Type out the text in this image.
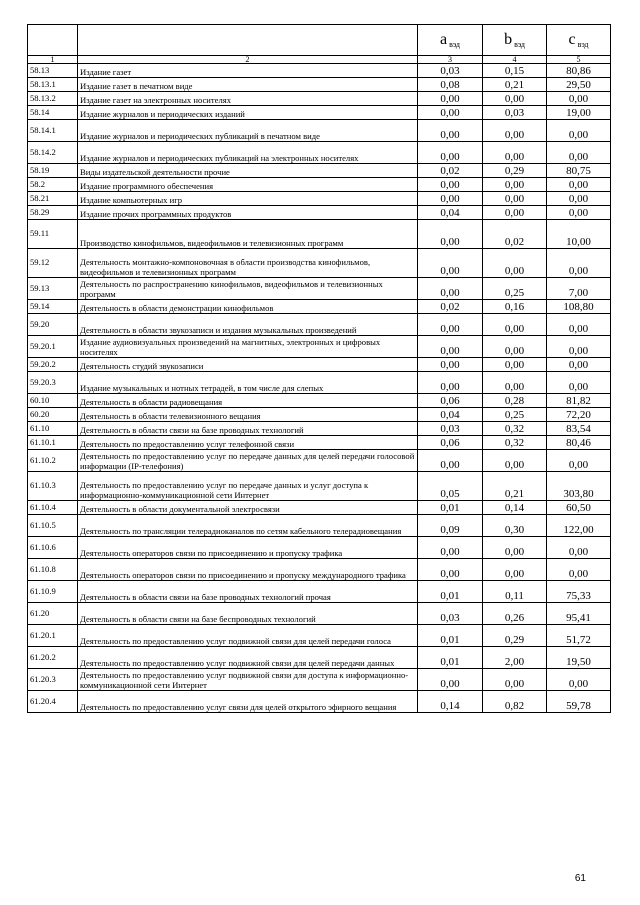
		a $_{вэд}$	b $_{вэд}$	c $_{вэд}$
1	2	3	4	5
58.13	Издание газет	0,03	0,15	80,86
58.13.1	Издание газет в печатном виде	0,08	0,21	29,50
58.13.2	Издание газет на электронных носителях	0,00	0,00	0,00
58.14	Издание журналов и периодических изданий	0,00	0,03	19,00
58.14.1	Издание журналов и периодических публикаций в печатном виде	0,00	0,00	0,00
58.14.2	Издание журналов и периодических публикаций на электронных носителях	0,00	0,00	0,00
58.19	Виды издательской деятельности прочие	0,02	0,29	80,75
58.2	Издание программного обеспечения	0,00	0,00	0,00
58.21	Издание компьютерных игр	0,00	0,00	0,00
58.29	Издание прочих программных продуктов	0,04	0,00	0,00
59.11	Производство кинофильмов, видеофильмов и телевизионных программ	0,00	0,02	10,00
59.12	Деятельность монтажно-компоновочная в области производства кинофильмов, видеофильмов и телевизионных программ	0,00	0,00	0,00
59.13	Деятельность по распространению кинофильмов, видеофильмов и телевизионных программ	0,00	0,25	7,00
59.14	Деятельность в области демонстрации кинофильмов	0,02	0,16	108,80
59.20	Деятельность в области звукозаписи и издания музыкальных произведений	0,00	0,00	0,00
59.20.1	Издание аудиовизуальных произведений на магнитных, электронных и цифровых носителях	0,00	0,00	0,00
59.20.2	Деятельность студий звукозаписи	0,00	0,00	0,00
59.20.3	Издание музыкальных и нотных тетрадей, в том числе для слепых	0,00	0,00	0,00
60.10	Деятельность в области радиовещания	0,06	0,28	81,82
60.20	Деятельность в области телевизионного вещания	0,04	0,25	72,20
61.10	Деятельность в области связи на базе проводных технологий	0,03	0,32	83,54
61.10.1	Деятельность по предоставлению услуг телефонной связи	0,06	0,32	80,46
61.10.2	Деятельность по предоставлению услуг по передаче данных для целей передачи голосовой информации (IP-телефония)	0,00	0,00	0,00
61.10.3	Деятельность по предоставлению услуг по передаче данных и услуг доступа к информационно-коммуникационной сети Интернет	0,05	0,21	303,80
61.10.4	Деятельность в области документальной электросвязи	0,01	0,14	60,50
61.10.5	Деятельность по трансляции телерадиоканалов по сетям кабельного телерадиовещания	0,09	0,30	122,00
61.10.6	Деятельность операторов связи по присоединению и пропуску трафика	0,00	0,00	0,00
61.10.8	Деятельность операторов связи по присоединению и пропуску международного трафика	0,00	0,00	0,00
61.10.9	Деятельность в области связи на базе проводных технологий прочая	0,01	0,11	75,33
61.20	Деятельность в области связи на базе беспроводных технологий	0,03	0,26	95,41
61.20.1	Деятельность по предоставлению услуг подвижной связи для целей передачи голоса	0,01	0,29	51,72
61.20.2	Деятельность по предоставлению услуг подвижной связи для целей передачи данных	0,01	2,00	19,50
61.20.3	Деятельность по предоставлению услуг подвижной связи для доступа к информационно-коммуникационной сети Интернет	0,00	0,00	0,00
61.20.4	Деятельность по предоставлению услуг связи для целей открытого эфирного вещания	0,14	0,82	59,78
61
